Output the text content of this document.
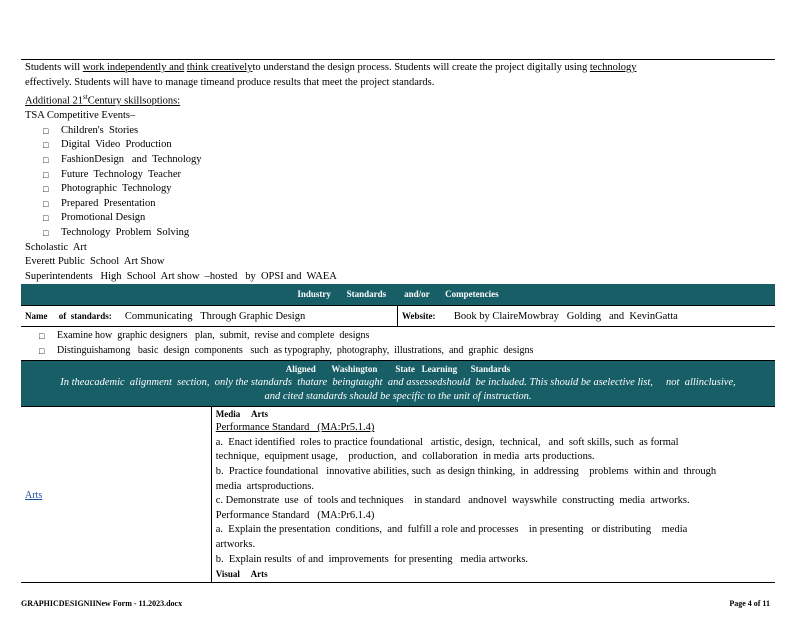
Students will work independently and think creativelyto understand the design process. Students will create the project digitally using technology
effectively. Students will have to manage timeand produce results that meet the project standards.
Additional 21stCentury skillsoptions:
TSA Competitive Events–
□ Children's  Stories
□ Digital  Video  Production
□ FashionDesign   and  Technology
□ Future  Technology  Teacher
□ Photographic  Technology
□ Prepared  Presentation
□ Promotional Design
□ Technology  Problem  Solving
Scholastic  Art
Everett Public  School  Art Show
Superintendents   High  School  Art show  –hosted   by  OPSI and  WAEA
Industry       Standards        and/or       Competencies
Name     of  standards: Communicating   Through Graphic Design	Website: Book by ClaireMowbray   Golding   and  KevinGatta
□ Examine how  graphic designers   plan,  submit,  revise and complete  designs
□ Distinguishamong   basic  design  components   such  as typography,  photography,  illustrations,  and  graphic  designs
Aligned       Washington        State   Learning      Standards
In theacademic  alignment  section,  only the standards  thatare  beingtaught  and assessedshould  be included. This should be aselective list,     not  allinclusive,
and cited standards should be specific to the unit of instruction.
Arts
Media     Arts
Performance Standard   (MA:Pr5.1.4)
a.  Enact identified  roles to practice foundational   artistic, design,  technical,   and  soft skills, such  as formal
technique,  equipment usage,    production,  and  collaboration  in media  arts productions.
b.  Practice foundational   innovative abilities, such  as design thinking,  in  addressing    problems  within and  through
media  artsproductions.
c. Demonstrate  use  of  tools and techniques    in standard   andnovel  wayswhile  constructing  media  artworks.
Performance Standard   (MA:Pr6.1.4)
a.  Explain the presentation  conditions,  and  fulfill a role and processes    in presenting   or distributing    media
artworks.
b.  Explain results  of and  improvements  for presenting   media artworks.
Visual     Arts
GRAPHICDESIGNIINew Form - 11.2023.docx	Page 4 of 11
